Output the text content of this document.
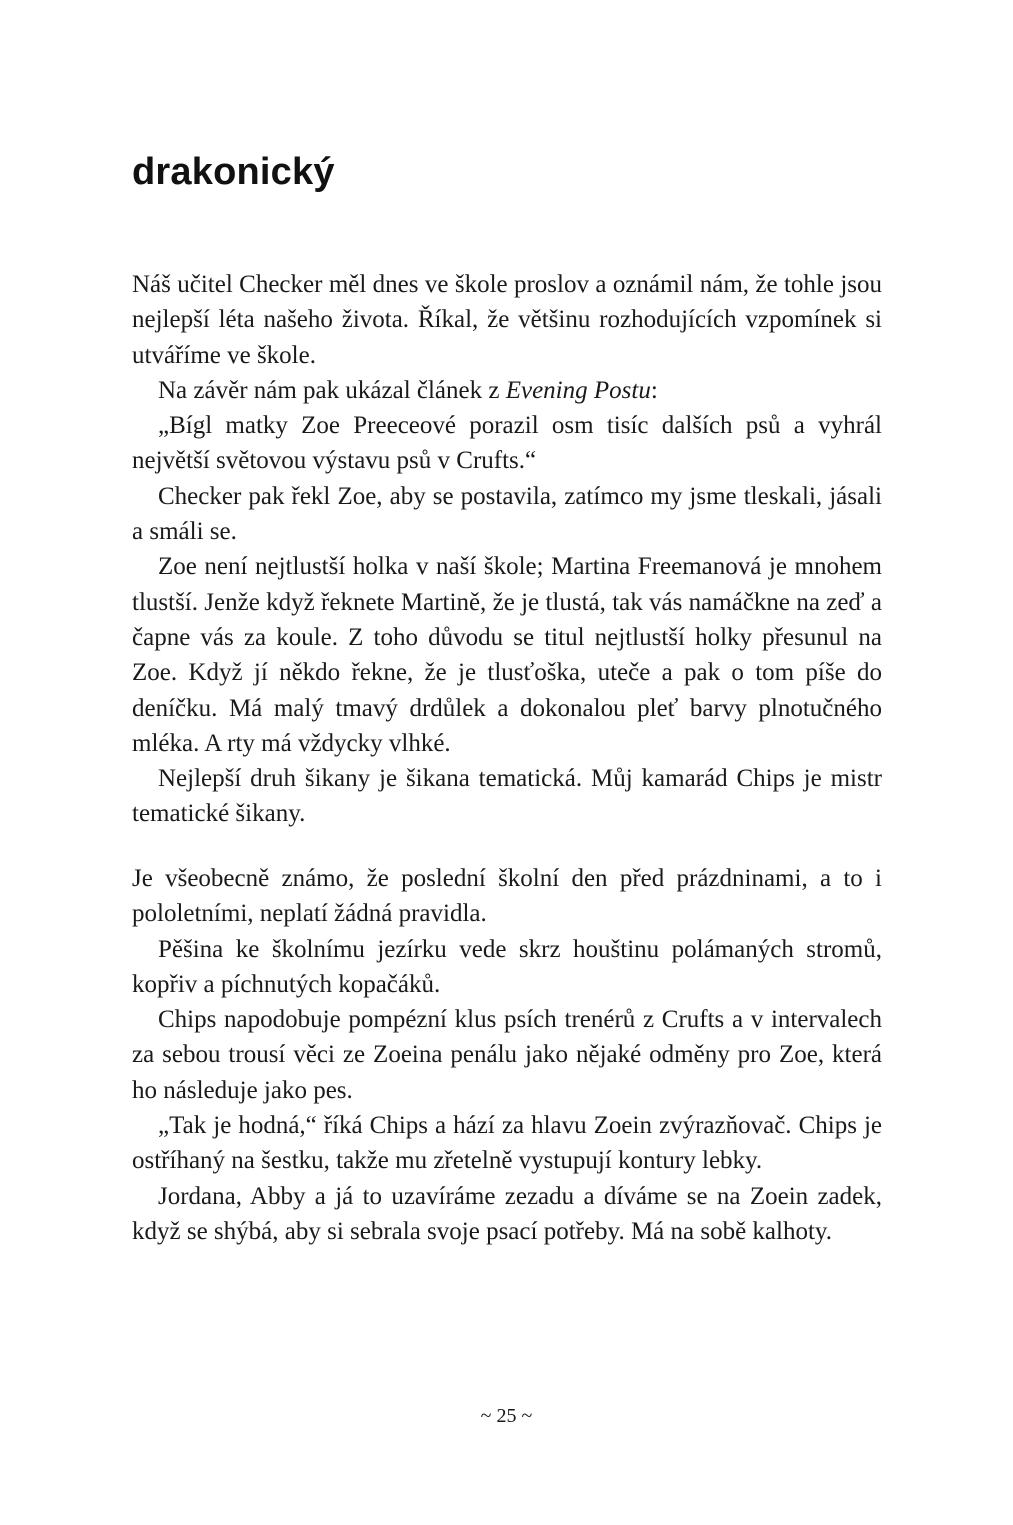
drakonický

Náš učitel Checker měl dnes ve škole proslov a oznámil nám, že tohle jsou nejlepší léta našeho života. Říkal, že většinu rozhodujících vzpomínek si utváříme ve škole.

Na závěr nám pak ukázal článek z Evening Postu:

„Bígl matky Zoe Preeceové porazil osm tisíc dalších psů a vyhrál největší světovou výstavu psů v Crufts.“

Checker pak řekl Zoe, aby se postavila, zatímco my jsme tleskali, jásali a smáli se.

Zoe není nejtlustší holka v naší škole; Martina Freemanová je mnohem tlustší. Jenže když řeknete Martině, že je tlustá, tak vás namáčkne na zeď a čapne vás za koule. Z toho důvodu se titul nejtlustší holky přesunul na Zoe. Když jí někdo řekne, že je tlusťoška, uteče a pak o tom píše do deníčku. Má malý tmavý drdůlek a dokonalou pleť barvy plnotučného mléka. A rty má vždycky vlhké.

Nejlepší druh šikany je šikana tematická. Můj kamarád Chips je mistr tematické šikany.

Je všeobecně známo, že poslední školní den před prázdninami, a to i pololetními, neplatí žádná pravidla.

Pěšina ke školnímu jezírku vede skrz houštinu polámaných stromů, kopřiv a píchnutých kopačáků.

Chips napodobuje pompézní klus psích trenérů z Crufts a v intervalech za sebou trousí věci ze Zoeina penálu jako nějaké odměny pro Zoe, která ho následuje jako pes.

„Tak je hodná,“ říká Chips a hází za hlavu Zoein zvýrazňovač. Chips je ostříhaný na šestku, takže mu zřetelně vystupují kontury lebky.

Jordana, Abby a já to uzavíráme zezadu a díváme se na Zoein zadek, když se shýbá, aby si sebrala svoje psací potřeby. Má na sobě kalhoty.

~ 25 ~
